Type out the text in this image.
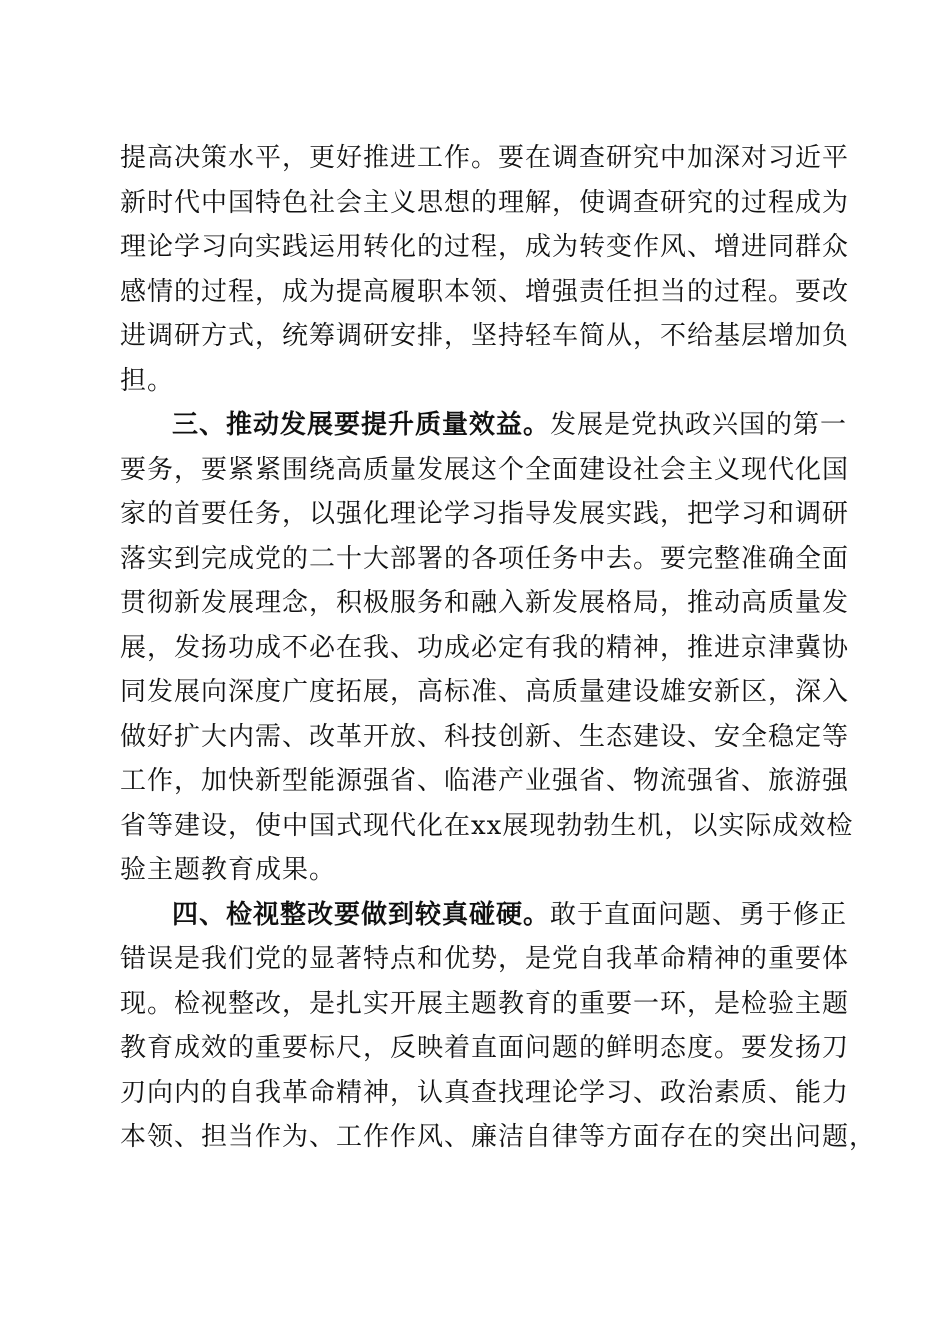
提高决策水平，更好推进工作。要在调查研究中加深对习近平
新时代中国特色社会主义思想的理解，使调查研究的过程成为
理论学习向实践运用转化的过程，成为转变作风、增进同群众
感情的过程，成为提高履职本领、增强责任担当的过程。要改
进调研方式，统筹调研安排，坚持轻车简从，不给基层增加负
担。
三、推动发展要提升质量效益。发展是党执政兴国的第一
要务，要紧紧围绕高质量发展这个全面建设社会主义现代化国
家的首要任务，以强化理论学习指导发展实践，把学习和调研
落实到完成党的二十大部署的各项任务中去。要完整准确全面
贯彻新发展理念，积极服务和融入新发展格局，推动高质量发
展，发扬功成不必在我、功成必定有我的精神，推进京津冀协
同发展向深度广度拓展，高标准、高质量建设雄安新区，深入
做好扩大内需、改革开放、科技创新、生态建设、安全稳定等
工作，加快新型能源强省、临港产业强省、物流强省、旅游强
省等建设，使中国式现代化在xx展现勃勃生机，以实际成效检
验主题教育成果。
四、检视整改要做到较真碰硬。敢于直面问题、勇于修正
错误是我们党的显著特点和优势，是党自我革命精神的重要体
现。检视整改，是扎实开展主题教育的重要一环，是检验主题
教育成效的重要标尺，反映着直面问题的鲜明态度。要发扬刀
刃向内的自我革命精神，认真查找理论学习、政治素质、能力
本领、担当作为、工作作风、廉洁自律等方面存在的突出问题，
